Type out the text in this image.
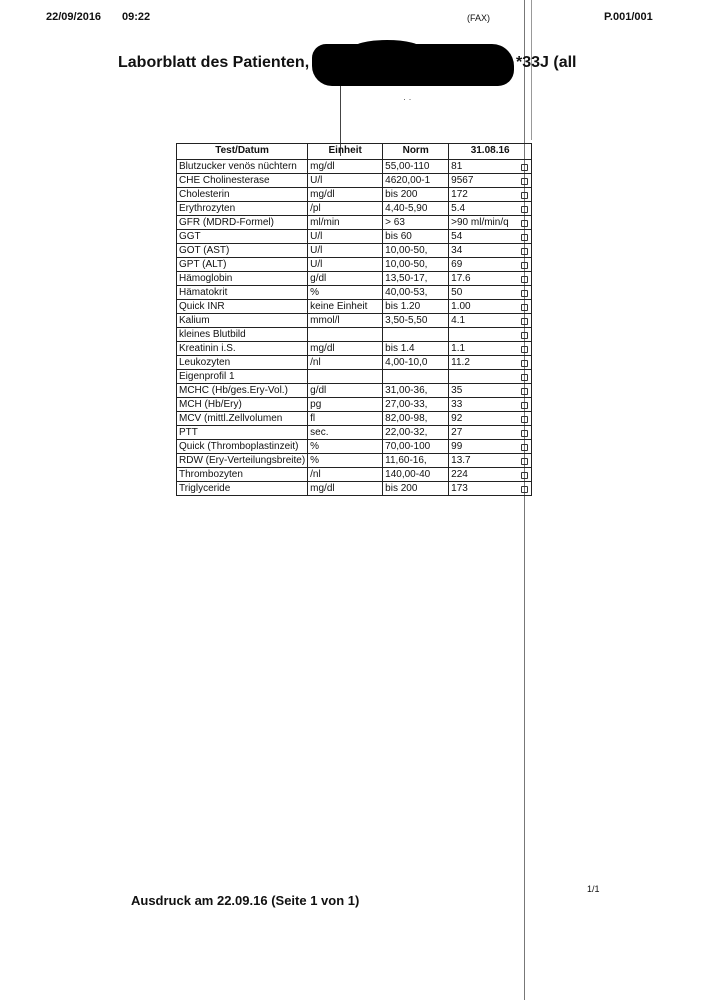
22/09/2016 09:22	(FAX)	P.001/001
Laborblatt des Patienten,	*33J (all
· ·
Test/Datum	Einheit	Norm	31.08.16
Blutzucker venös nüchtern	mg/dl	55,00-110	81

CHE Cholinesterase	U/l	4620,00-1	9567

Cholesterin	mg/dl	bis 200	172

Erythrozyten	/pl	4,40-5,90	5.4

GFR (MDRD-Formel)	ml/min	> 63	>90 ml/min/q

GGT	U/l	bis 60	54

GOT (AST)	U/l	10,00-50,	34

GPT (ALT)	U/l	10,00-50,	69

Hämoglobin	g/dl	13,50-17,	17.6

Hämatokrit	%	40,00-53,	50

Quick INR	keine Einheit	bis 1.20	1.00

Kalium	mmol/l	3,50-5,50	4.1

kleines Blutbild			

Kreatinin i.S.	mg/dl	bis 1.4	1.1

Leukozyten	/nl	4,00-10,0	11.2

Eigenprofil 1			

MCHC (Hb/ges.Ery-Vol.)	g/dl	31,00-36,	35

MCH (Hb/Ery)	pg	27,00-33,	33

MCV (mittl.Zellvolumen	fl	82,00-98,	92

PTT	sec.	22,00-32,	27

Quick (Thromboplastinzeit)	%	70,00-100	99

RDW (Ery-Verteilungsbreite)	%	11,60-16,	13.7

Thrombozyten	/nl	140,00-40	224

Triglyceride	mg/dl	bis 200	173
Ausdruck am 22.09.16 (Seite 1 von 1)
1/1
